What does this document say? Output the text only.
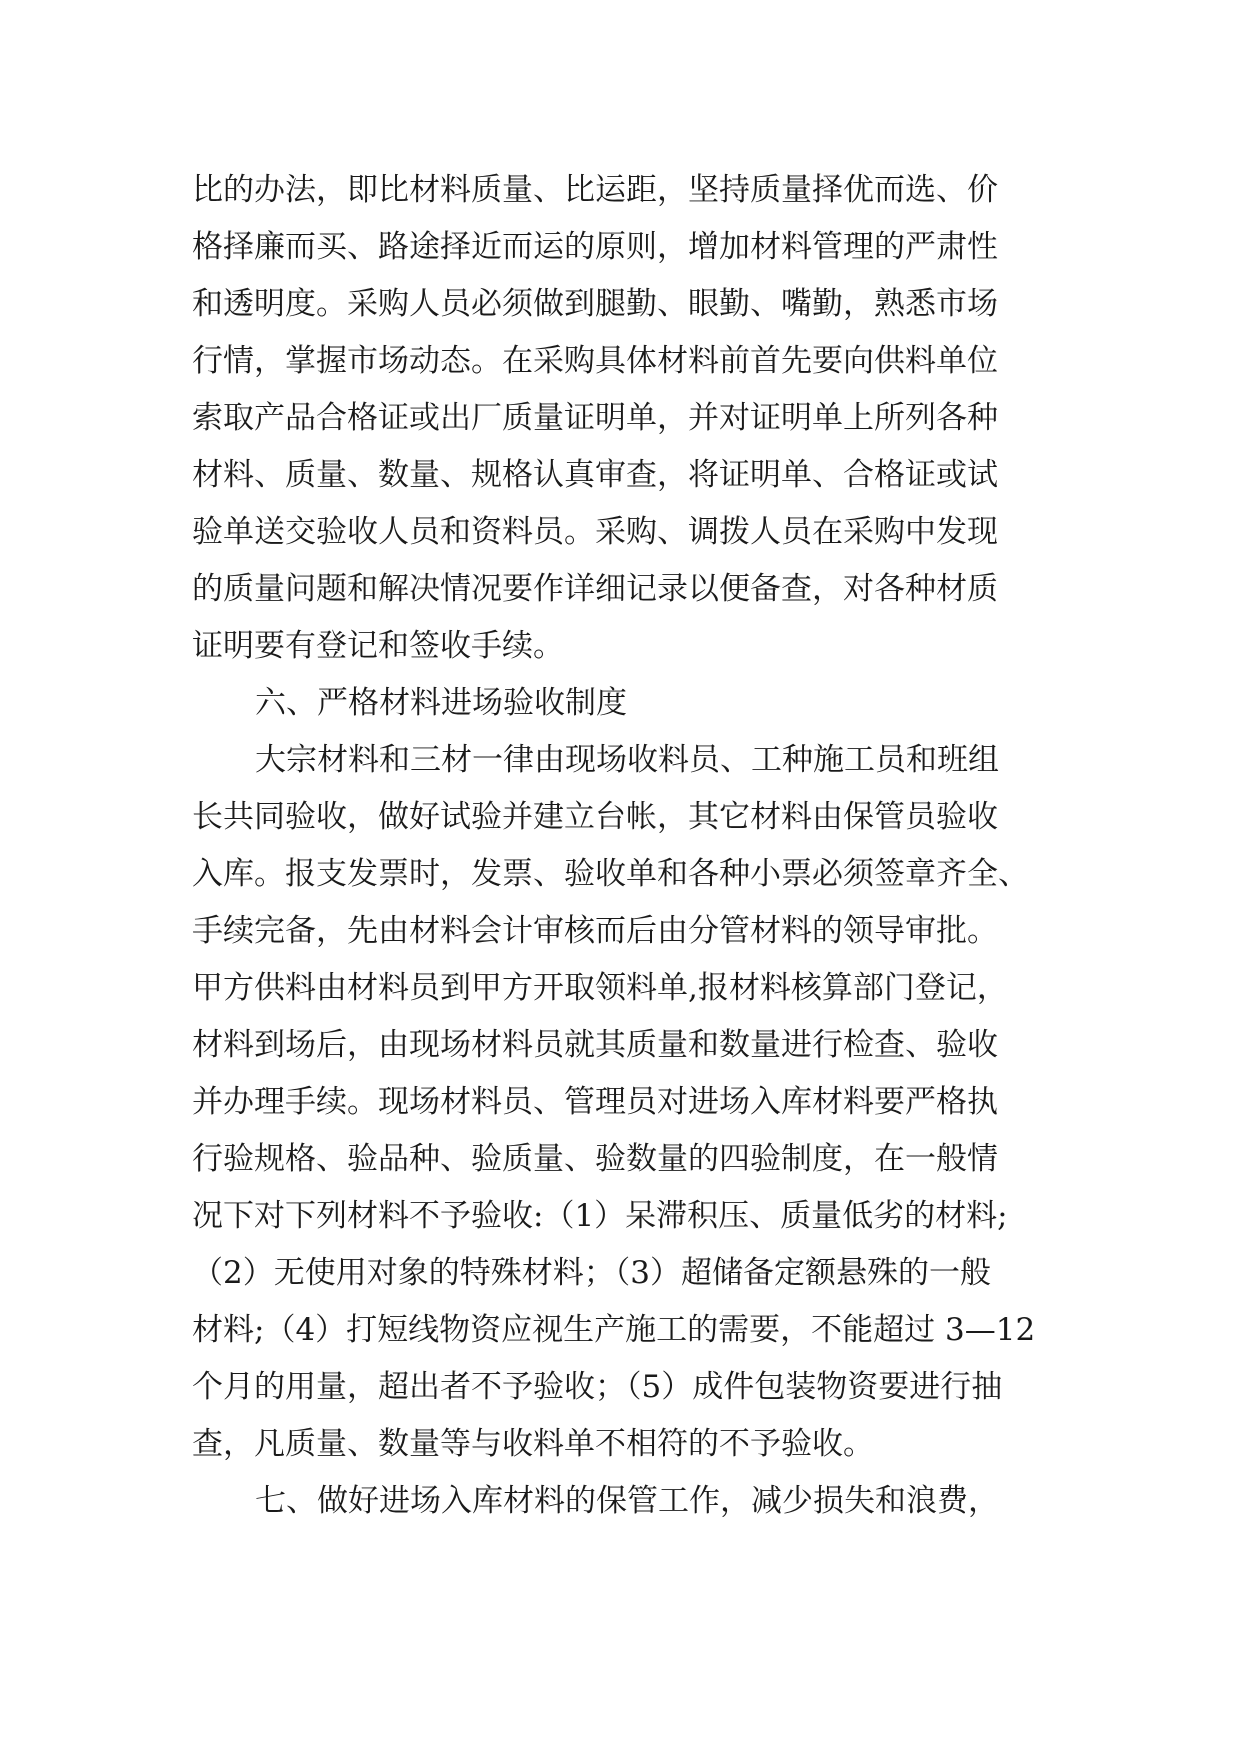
比的办法，即比材料质量、比运距，坚持质量择优而选、价
格择廉而买、路途择近而运的原则，增加材料管理的严肃性
和透明度。采购人员必须做到腿勤、眼勤、嘴勤，熟悉市场
行情，掌握市场动态。在采购具体材料前首先要向供料单位
索取产品合格证或出厂质量证明单，并对证明单上所列各种
材料、质量、数量、规格认真审查，将证明单、合格证或试
验单送交验收人员和资料员。采购、调拨人员在采购中发现
的质量问题和解决情况要作详细记录以便备查，对各种材质
证明要有登记和签收手续。
六、严格材料进场验收制度
大宗材料和三材一律由现场收料员、工种施工员和班组
长共同验收，做好试验并建立台帐，其它材料由保管员验收
入库。报支发票时，发票、验收单和各种小票必须签章齐全、
手续完备，先由材料会计审核而后由分管材料的领导审批。
甲方供料由材料员到甲方开取领料单,报材料核算部门登记，
材料到场后，由现场材料员就其质量和数量进行检查、验收
并办理手续。现场材料员、管理员对进场入库材料要严格执
行验规格、验品种、验质量、验数量的四验制度，在一般情
况下对下列材料不予验收:（1）呆滞积压、质量低劣的材料;
（2）无使用对象的特殊材料；（3）超储备定额悬殊的一般
材料;（4）打短线物资应视生产施工的需要，不能超过 3—12
个月的用量，超出者不予验收；（5）成件包装物资要进行抽
查，凡质量、数量等与收料单不相符的不予验收。
七、做好进场入库材料的保管工作，减少损失和浪费，
